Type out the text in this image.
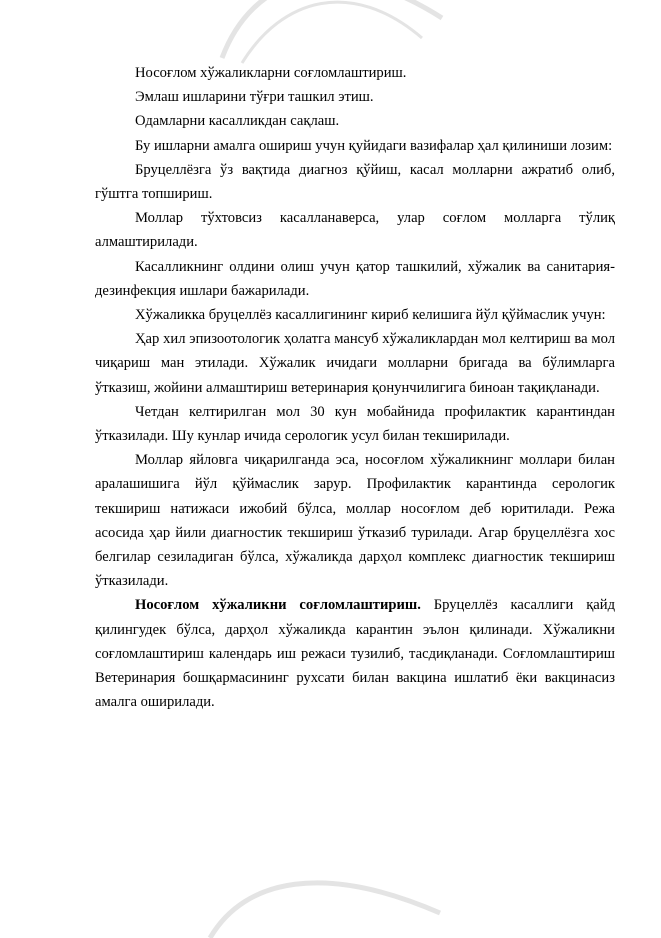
Носоғлом хўжаликларни соғломлаштириш.

Эмлаш ишларини тўғри ташкил этиш.

Одамларни касалликдан сақлаш.

Бу ишларни амалга ошириш учун қуйидаги вазифалар ҳал қилиниши лозим:

Бруцеллёзга ўз вақтида диагноз қўйиш, касал молларни ажратиб олиб, гўштга топшириш.

Моллар тўхтовсиз касалланаверса, улар соғлом молларга тўлиқ алмаштирилади.

Касалликнинг олдини олиш учун қатор ташкилий, хўжалик ва санитария-дезинфекция ишлари бажарилади.

Хўжаликка бруцеллёз касаллигининг кириб келишига йўл қўймаслик учун:

Ҳар хил эпизоотологик ҳолатга мансуб хўжаликлардан мол келтириш ва мол чиқариш ман этилади. Хўжалик ичидаги молларни бригада ва бўлимларга ўтказиш, жойини алмаштириш ветеринария қонунчилигига биноан тақиқланади.

Четдан келтирилган мол 30 кун мобайнида профилактик карантиндан ўтказилади. Шу кунлар ичида серологик усул билан текширилади.

Моллар яйловга чиқарилганда эса, носоғлом хўжаликнинг моллари билан аралашишига йўл қўймаслик зарур. Профилактик карантинда серологик текшириш натижаси ижобий бўлса, моллар носоғлом деб юритилади. Режа асосида ҳар йили диагностик текшириш ўтказиб турилади. Агар бруцеллёзга хос белгилар сезиладиган бўлса, хўжаликда дарҳол комплекс диагностик текшириш ўтказилади.

Носоғлом хўжаликни соғломлаштириш. Бруцеллёз касаллиги қайд қилингудек бўлса, дарҳол хўжаликда карантин эълон қилинади. Хўжаликни соғломлаштириш календарь иш режаси тузилиб, тасдиқланади. Соғломлаштириш Ветеринария бошқармасининг рухсати билан вакцина ишлатиб ёки вакцинасиз амалга оширилади.
